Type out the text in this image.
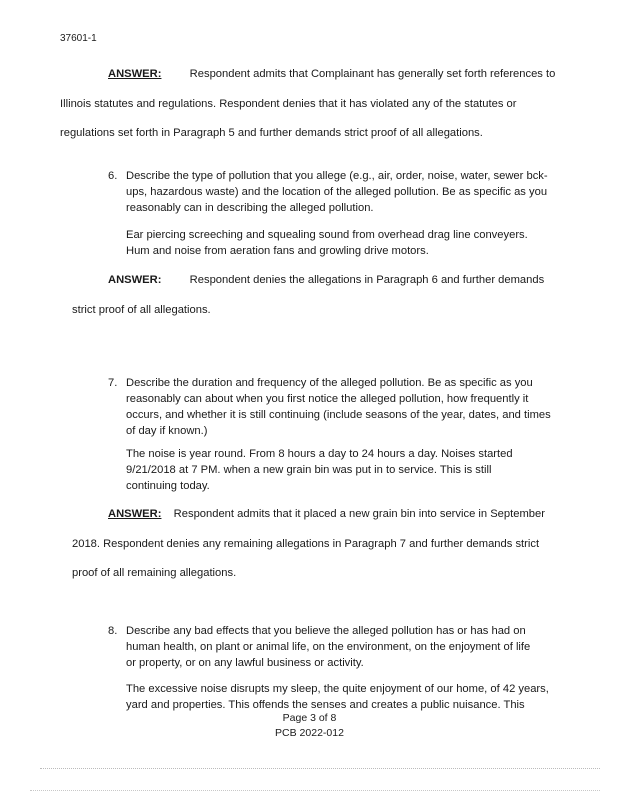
37601-1
ANSWER:	Respondent admits that Complainant has generally set forth references to
Illinois statutes and regulations. Respondent denies that it has violated any of the statutes or
regulations set forth in Paragraph 5 and further demands strict proof of all allegations.
6. Describe the type of pollution that you allege (e.g., air, order, noise, water, sewer bck-
ups, hazardous waste) and the location of the alleged pollution. Be as specific as you
reasonably can in describing the alleged pollution.
Ear piercing screeching and squealing sound from overhead drag line conveyers.
Hum and noise from aeration fans and growling drive motors.
ANSWER:	Respondent denies the allegations in Paragraph 6 and further demands
strict proof of all allegations.
7. Describe the duration and frequency of the alleged pollution. Be as specific as you
reasonably can about when you first notice the alleged pollution, how frequently it
occurs, and whether it is still continuing (include seasons of the year, dates, and times
of day if known.)
The noise is year round. From 8 hours a day to 24 hours a day. Noises started
9/21/2018 at 7 PM. when a new grain bin was put in to service. This is still
continuing today.
ANSWER: Respondent admits that it placed a new grain bin into service in September
2018. Respondent denies any remaining allegations in Paragraph 7 and further demands strict
proof of all remaining allegations.
8. Describe any bad effects that you believe the alleged pollution has or has had on
human health, on plant or animal life, on the environment, on the enjoyment of life
or property, or on any lawful business or activity.
The excessive noise disrupts my sleep, the quite enjoyment of our home, of 42 years,
yard and properties. This offends the senses and creates a public nuisance. This
Page 3 of 8
PCB 2022-012
